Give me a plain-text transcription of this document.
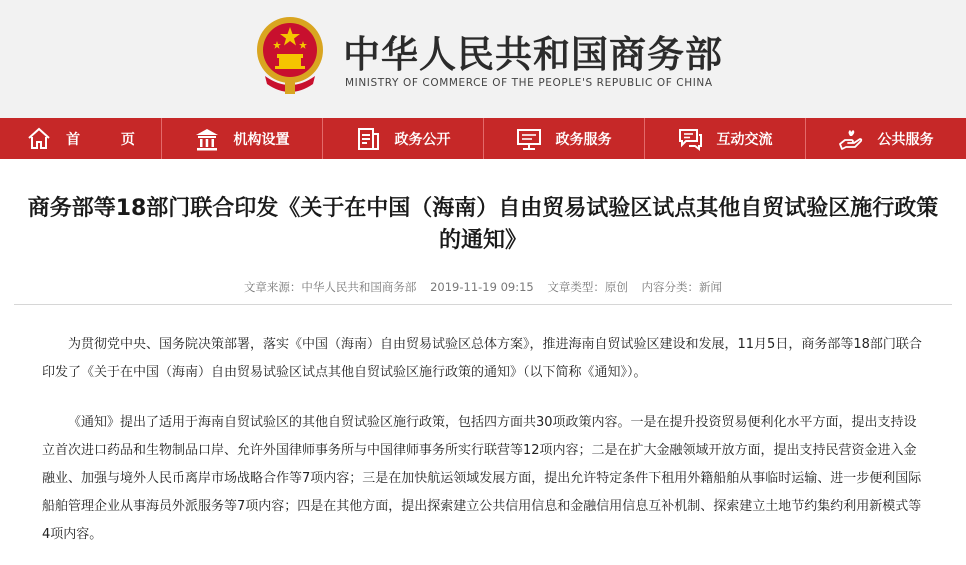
中华人民共和国商务部
MINISTRY OF COMMERCE OF THE PEOPLE'S REPUBLIC OF CHINA
首 页	机构设置	政务公开	政务服务	互动交流	公共服务
商务部等18部门联合印发《关于在中国（海南）自由贸易试验区试点其他自贸试验区施行政策的通知》
文章来源：中华人民共和国商务部 2019-11-19 09:15 文章类型：原创 内容分类：新闻

为贯彻党中央、国务院决策部署，落实《中国（海南）自由贸易试验区总体方案》，推进海南自贸试验区建设和发展，11月5日，商务部等18部门联合印发了《关于在中国（海南）自由贸易试验区试点其他自贸试验区施行政策的通知》（以下简称《通知》）。

《通知》提出了适用于海南自贸试验区的其他自贸试验区施行政策，包括四方面共30项政策内容。一是在提升投资贸易便利化水平方面，提出支持设立首次进口药品和生物制品口岸、允许外国律师事务所与中国律师事务所实行联营等12项内容；二是在扩大金融领域开放方面，提出支持民营资金进入金融业、加强与境外人民币离岸市场战略合作等7项内容；三是在加快航运领域发展方面，提出允许特定条件下租用外籍船舶从事临时运输、进一步便利国际船舶管理企业从事海员外派服务等7项内容；四是在其他方面，提出探索建立公共信用信息和金融信用信息互补机制、探索建立土地节约集约利用新模式等4项内容。
